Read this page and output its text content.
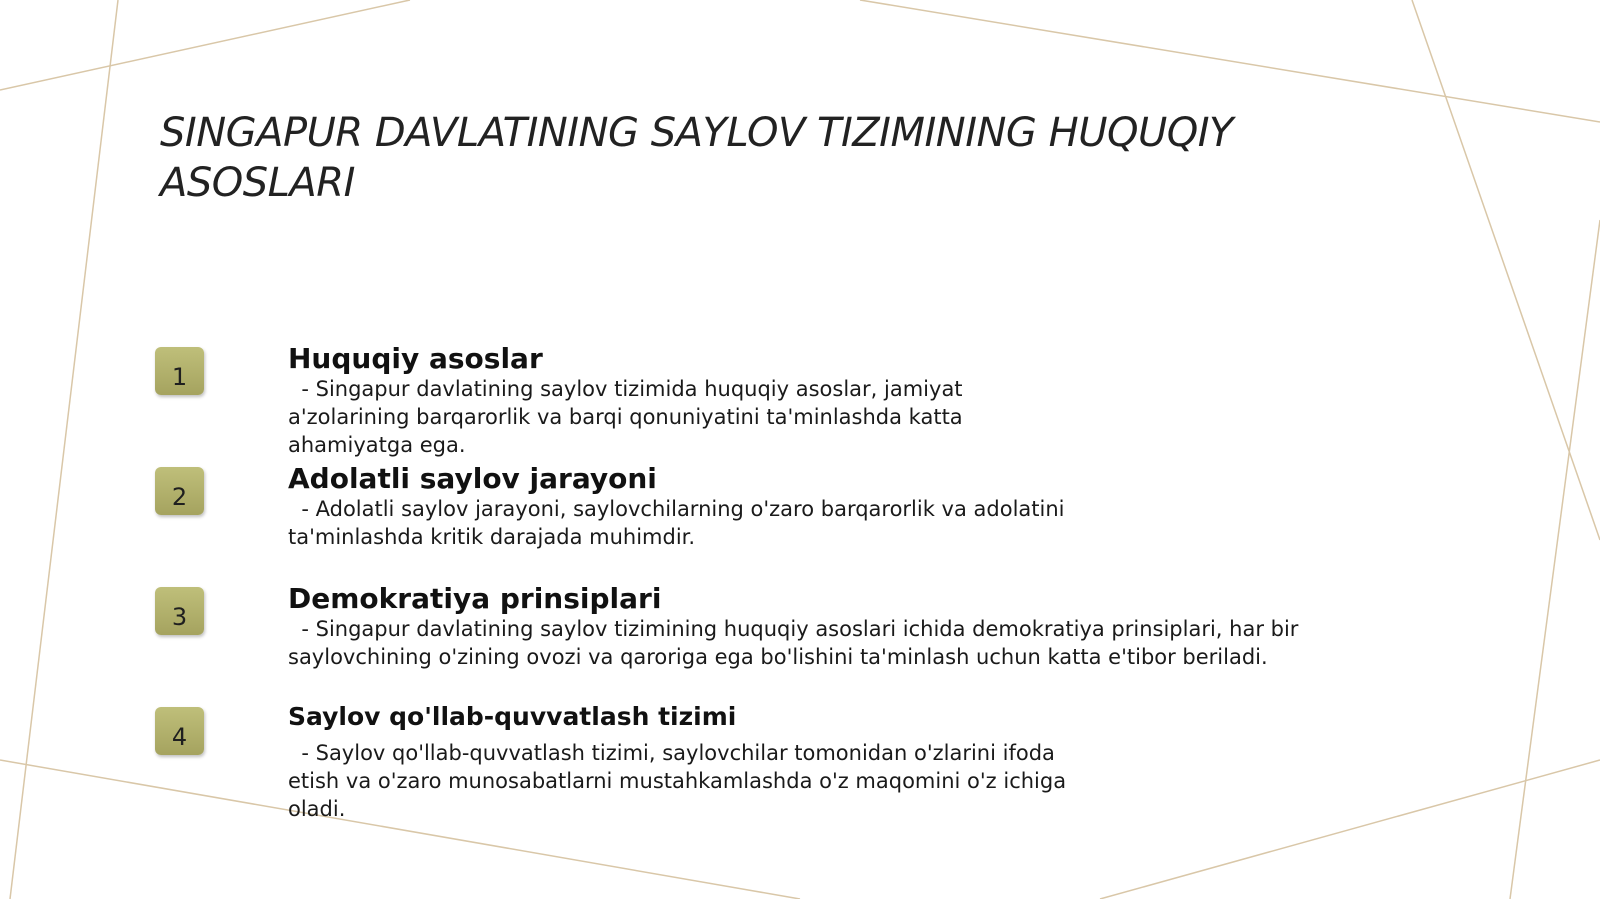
SINGAPUR DAVLATINING SAYLOV TIZIMINING HUQUQIY ASOSLARI
1

Huquqiy asoslar

- Singapur davlatining saylov tizimida huquqiy asoslar, jamiyat
a'zolarining barqarorlik va barqi qonuniyatini ta'minlashda katta
ahamiyatga ega.

2

Adolatli saylov jarayoni

- Adolatli saylov jarayoni, saylovchilarning o'zaro barqarorlik va adolatini
ta'minlashda kritik darajada muhimdir.

3

Demokratiya prinsiplari

- Singapur davlatining saylov tizimining huquqiy asoslari ichida demokratiya prinsiplari, har bir
saylovchining o'zining ovozi va qaroriga ega bo'lishini ta'minlash uchun katta e'tibor beriladi.

4

Saylov qo'llab-quvvatlash tizimi

- Saylov qo'llab-quvvatlash tizimi, saylovchilar tomonidan o'zlarini ifoda
etish va o'zaro munosabatlarni mustahkamlashda o'z maqomini o'z ichiga
oladi.
